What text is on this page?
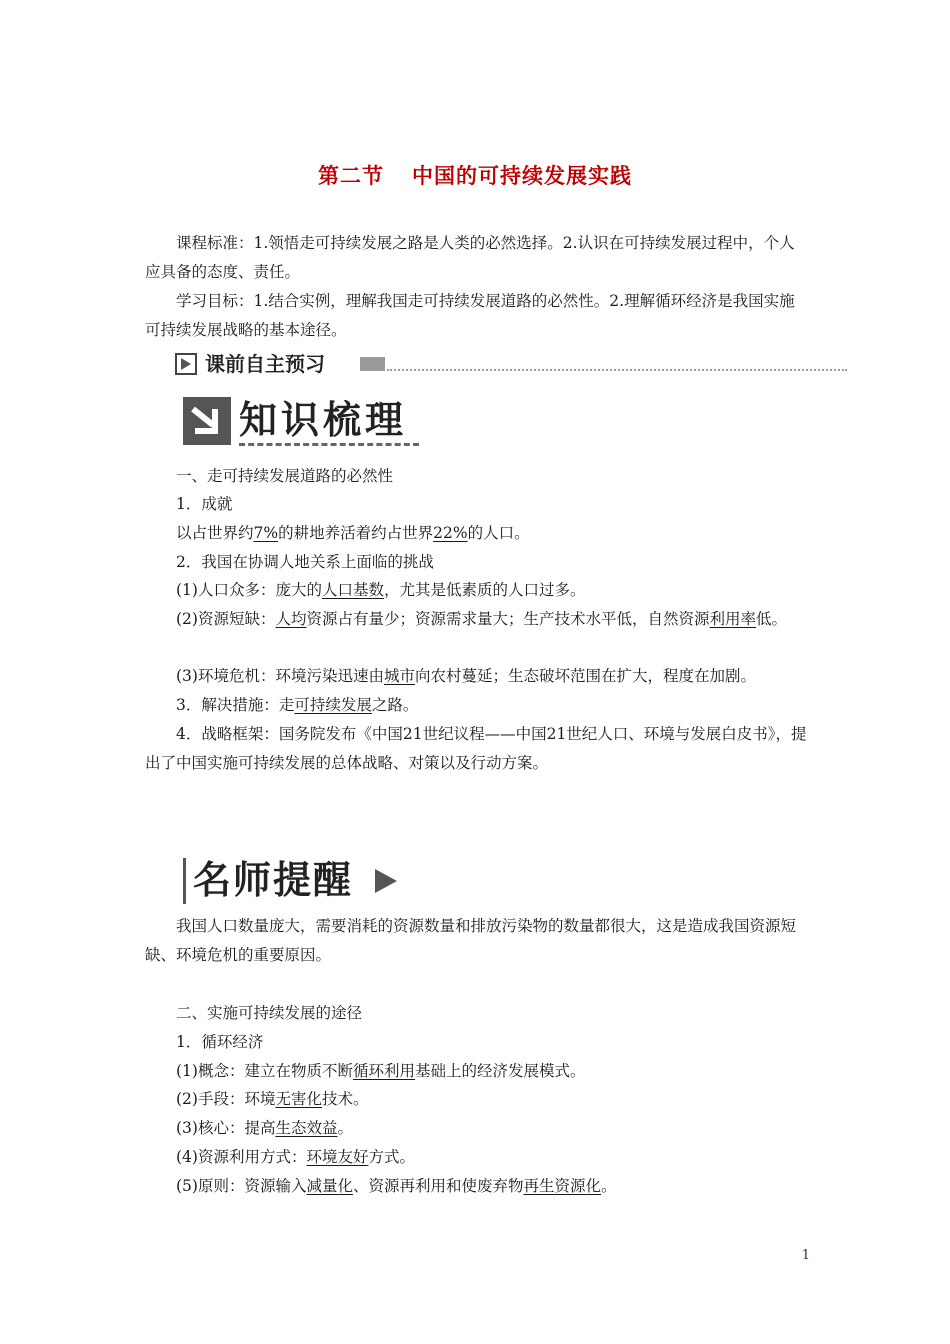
第二节 中国的可持续发展实践
课程标准：1.领悟走可持续发展之路是人类的必然选择。2.认识在可持续发展过程中，个人应具备的态度、责任。
学习目标：1.结合实例，理解我国走可持续发展道路的必然性。2.理解循环经济是我国实施可持续发展战略的基本途径。
课前自主预习
知识梳理
一、走可持续发展道路的必然性
1．成就
以占世界约7%的耕地养活着约占世界22%的人口。
2．我国在协调人地关系上面临的挑战
(1)人口众多：庞大的人口基数，尤其是低素质的人口过多。
(2)资源短缺：人均资源占有量少；资源需求量大；生产技术水平低，自然资源利用率低。
(3)环境危机：环境污染迅速由城市向农村蔓延；生态破坏范围在扩大，程度在加剧。
3．解决措施：走可持续发展之路。
4．战略框架：国务院发布《中国21世纪议程——中国21世纪人口、环境与发展白皮书》，提出了中国实施可持续发展的总体战略、对策以及行动方案。
名师提醒
我国人口数量庞大，需要消耗的资源数量和排放污染物的数量都很大，这是造成我国资源短缺、环境危机的重要原因。
二、实施可持续发展的途径
1．循环经济
(1)概念：建立在物质不断循环利用基础上的经济发展模式。
(2)手段：环境无害化技术。
(3)核心：提高生态效益。
(4)资源利用方式：环境友好方式。
(5)原则：资源输入减量化、资源再利用和使废弃物再生资源化。
1
